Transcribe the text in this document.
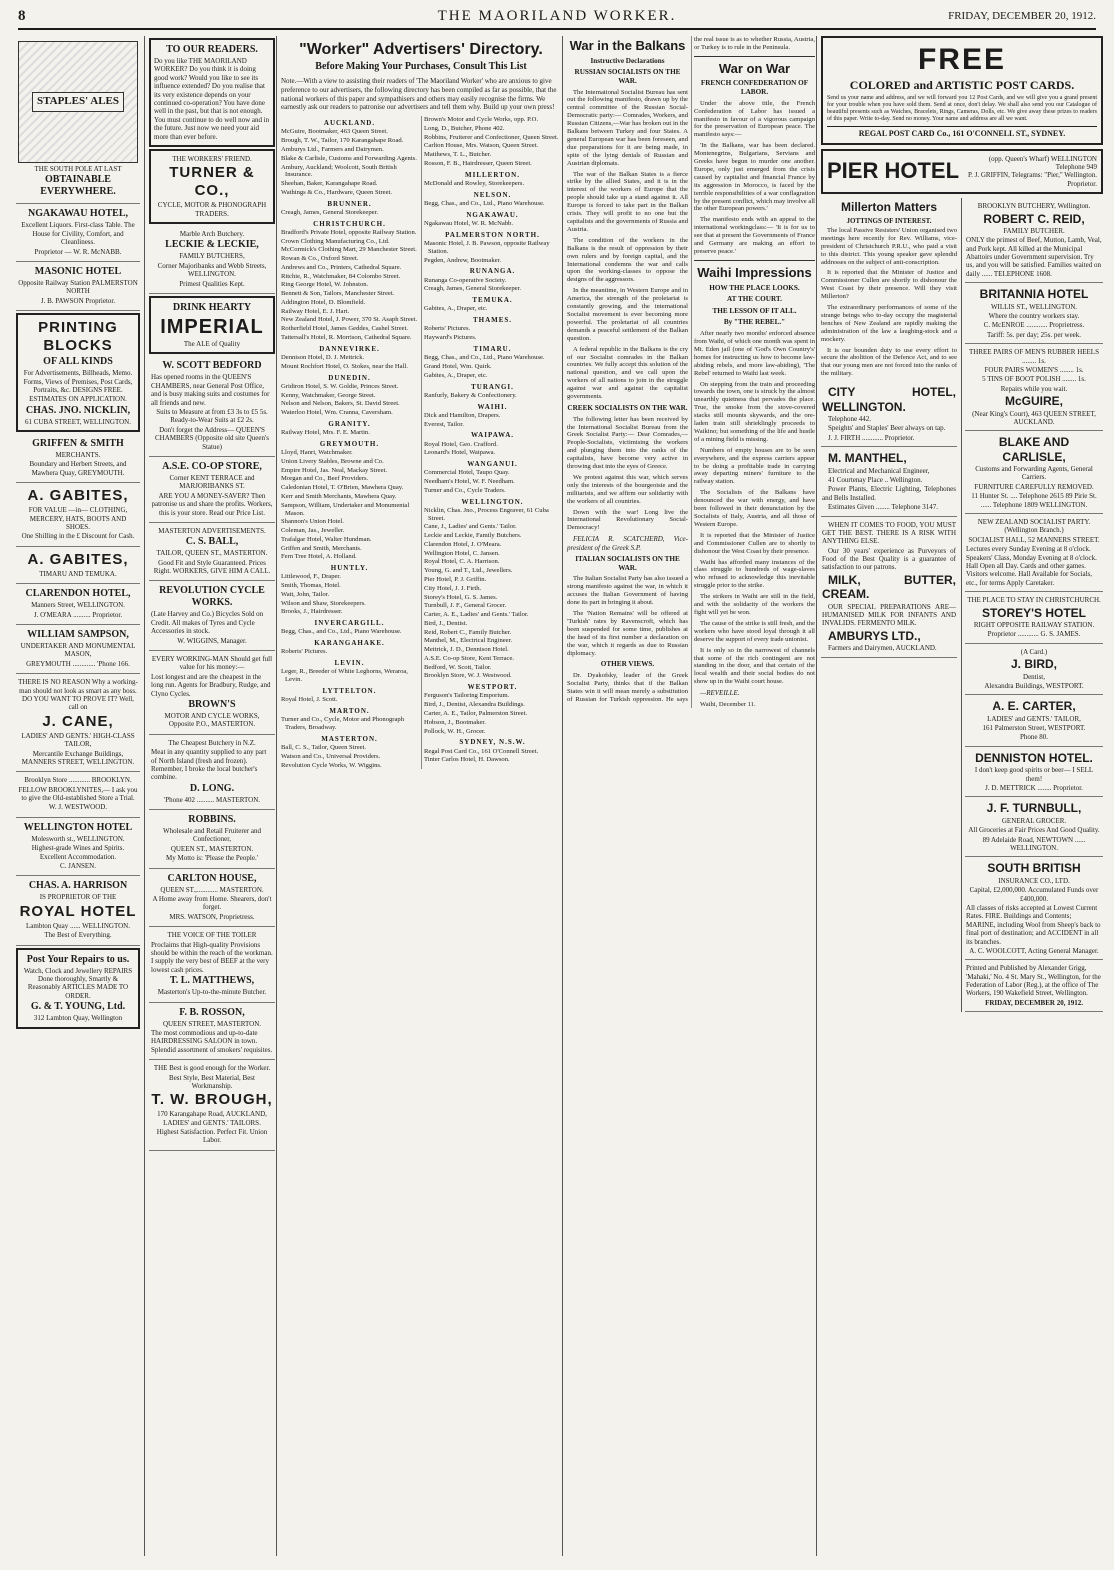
8	THE MAORILAND WORKER.	FRIDAY, DECEMBER 20, 1912.
STAPLES' ALES

THE SOUTH POLE AT LAST

OBTAINABLE EVERYWHERE.

NGAKAWAU HOTEL,

Excellent Liquors. First-class Table. The House for Civility, Comfort, and Cleanliness.

Proprietor — W. R. McNABB.

MASONIC HOTEL

Opposite Railway Station PALMERSTON NORTH

J. B. PAWSON Proprietor.

PRINTING BLOCKS

OF ALL KINDS

For Advertisements, Billheads, Memo. Forms, Views of Premises, Post Cards, Portraits, &c. DESIGNS FREE.

ESTIMATES ON APPLICATION.

CHAS. JNO. NICKLIN,

61 CUBA STREET, WELLINGTON.

GRIFFEN & SMITH

MERCHANTS.

Boundary and Herbert Streets, and Mawhera Quay, GREYMOUTH.

A. GABITES,

FOR VALUE —in— CLOTHING, MERCERY, HATS, BOOTS AND SHOES.

One Shilling in the £ Discount for Cash.

A. GABITES,

TIMARU AND TEMUKA.

CLARENDON HOTEL,

Manners Street, WELLINGTON.

J. O'MEARA .......... Proprietor.

WILLIAM SAMPSON,

UNDERTAKER AND MONUMENTAL MASON,

GREYMOUTH ............. 'Phone 166.

THERE IS NO REASON Why a working-man should not look as smart as any boss. DO YOU WANT TO PROVE IT? Well, call on

J. CANE,

LADIES' AND GENTS.' HIGH-CLASS TAILOR,

Mercantile Exchange Buildings, MANNERS STREET, WELLINGTON.

Brooklyn Store ............ BROOKLYN.

FELLOW BROOKLYNITES,— I ask you to give the Old-established Store a Trial.

W. J. WESTWOOD.

WELLINGTON HOTEL

Molesworth st., WELLINGTON.

Highest-grade Wines and Spirits. Excellent Accommodation.

C. JANSEN.

CHAS. A. HARRISON

IS PROPRIETOR OF THE

ROYAL HOTEL

Lambton Quay ...... WELLINGTON.

The Best of Everything.

Post Your Repairs to us.

Watch, Clock and Jewellery REPAIRS Done thoroughly, Smartly & Reasonably ARTICLES MADE TO ORDER.

G. & T. YOUNG, Ltd.

312 Lambton Quay, Wellington

TO OUR READERS.

Do you like THE MAORILAND WORKER? Do you think it is doing good work? Would you like to see its influence extended? Do you realise that its very existence depends on your continued co-operation? You have done well in the past, but that is not enough. You must continue to do well now and in the future. Just now we need your aid more than ever before.

THE WORKERS' FRIEND.

TURNER & CO.,

CYCLE, MOTOR & PHONOGRAPH TRADERS.

Marble Arch Butchery.

LECKIE & LECKIE,

FAMILY BUTCHERS,

Corner Majoribanks and Webb Streets, WELLINGTON.

Primest Qualities Kept.

DRINK HEARTY

IMPERIAL

The ALE of Quality

W. SCOTT BEDFORD

Has opened rooms in the QUEEN'S CHAMBERS, near General Post Office, and is busy making suits and costumes for all friends and new.

Suits to Measure at from £3 3s to £5 5s. Ready-to-Wear Suits at £2 2s.

Don't forget the Address— QUEEN'S CHAMBERS (Opposite old site Queen's Statue)

A.S.E. CO-OP STORE,

Corner KENT TERRACE and MARJORIBANKS ST.

ARE YOU A MONEY-SAVER? Then patronise us and share the profits. Workers, this is your store. Read our Price List.

MASTERTON ADVERTISEMENTS.

C. S. BALL,

TAILOR, QUEEN ST., MASTERTON.

Good Fit and Style Guaranteed. Prices Right. WORKERS, GIVE HIM A CALL.

REVOLUTION CYCLE WORKS.

(Late Harvey and Co.) Bicycles Sold on Credit. All makes of Tyres and Cycle Accessories in stock.

W. WIGGINS, Manager.

EVERY WORKING-MAN Should get full value for his money:—

Lost longest and are the cheapest in the long run. Agents for Bradbury, Rudge, and Clyno Cycles.

BROWN'S

MOTOR AND CYCLE WORKS, Opposite P.O., MASTERTON.

The Cheapest Butchery in N.Z.

Meat in any quantity supplied to any part of North Island (fresh and frozen). Remember, I broke the local butcher's combine.

D. LONG.

'Phone 402 .......... MASTERTON.

ROBBINS.

Wholesale and Retail Fruiterer and Confectioner,

QUEEN ST., MASTERTON.

My Motto is: 'Please the People.'

CARLTON HOUSE,

QUEEN ST.,............ MASTERTON.

A Home away from Home. Shearers, don't forget.

MRS. WATSON, Proprietress.

THE VOICE OF THE TOILER

Proclaims that High-quality Provisions should be within the reach of the workman. I supply the very best of BEEF at the very lowest cash prices.

T. L. MATTHEWS,

Masterton's Up-to-the-minute Butcher.

F. B. ROSSON,

QUEEN STREET, MASTERTON.

The most commodious and up-to-date HAIRDRESSING SALOON in town. Splendid assortment of smokers' requisites.

THE Best is good enough for the Worker.

Best Style, Best Material, Best Workmanship.

T. W. BROUGH,

170 Karangahape Road, AUCKLAND, LADIES' and GENTS.' TAILORS.

Highest Satisfaction. Perfect Fit. Union Labor.

"Worker" Advertisers' Directory.
Before Making Your Purchases, Consult This List

Note.—With a view to assisting their readers of 'The Maoriland Worker' who are anxious to give preference to our advertisers, the following directory has been compiled as far as possible, that the national workers of this paper and sympathisers and others may easily recognise the firms. We earnestly ask our readers to patronise our advertisers and tell them why. Build up your own press!

AUCKLAND.

McGuire, Bootmaker, 463 Queen Street.

Brough, T. W., Tailor, 170 Karangahape Road.

Amburys Ltd., Farmers and Dairymen.

Blake & Carlisle, Customs and Forwarding Agents.

Ambury, Auckland; Woolcott, South British Insurance.

Sheehan, Baker, Karangahape Road.

Wathings & Co., Hardware, Queen Street.

BRUNNER.

Creagh, James, General Storekeeper.

CHRISTCHURCH.

Bradford's Private Hotel, opposite Railway Station.

Crown Clothing Manufacturing Co., Ltd.

McCormick's Clothing Mart, 29 Manchester Street.

Rowan & Co., Oxford Street.

Andrews and Co., Printers, Cathedral Square.

Ritchie, R., Watchmaker, 84 Colombo Street.

Ring George Hotel, W. Johnston.

Bennett & Son, Tailors, Manchester Street.

Addington Hotel, D. Blomfield.

Railway Hotel, E. J. Hart.

New Zealand Hotel, J. Power, 370 St. Asaph Street.

Rotherfield Hotel, James Geddes, Cashel Street.

Tattersall's Hotel, R. Morrison, Cathedral Square.

DANNEVIRKE.

Dennison Hotel, D. J. Mettrick.

Mount Rochfort Hotel, O. Stokes, near the Hall.

DUNEDIN.

Gridiron Hotel, S. W. Goldie, Princes Street.

Kenny, Watchmaker, George Street.

Nelson and Nelson, Bakers, St. David Street.

Waterloo Hotel, Wm. Cranna, Caversham.

GRANITY.

Railway Hotel, Mrs. F. E. Martin.

GREYMOUTH.

Lloyd, Hanri, Watchmaker.

Union Livery Stables, Browne and Co.

Empire Hotel, Jas. Neal, Mackay Street.

Morgan and Co., Beef Providers.

Caledonian Hotel, T. O'Brien, Mawhera Quay.

Kerr and Smith Merchants, Mawhera Quay.

Sampson, William, Undertaker and Monumental Mason.

Shannon's Union Hotel.

Coleman, Jas., Jeweller.

Trafalgar Hotel, Walter Hundman.

Griffen and Smith, Merchants.

Fern Tree Hotel, A. Holland.

HUNTLY.

Littlewood, F., Draper.

Smith, Thomas, Hotel.

Watt, John, Tailor.

Wilson and Shaw, Storekeepers.

Brooks, J., Hairdresser.

INVERCARGILL.

Begg, Chas., and Co., Ltd., Piano Warehouse.

KARANGAHAKE.

Roberts' Pictures.

LEVIN.

Leger, R., Breeder of White Leghorns, Weraroa, Levin.

LYTTELTON.

Royal Hotel, J. Scott.

MARTON.

Turner and Co., Cycle, Motor and Phonograph Traders, Broadway.

MASTERTON.

Ball, C. S., Tailor, Queen Street.

Watson and Co., Universal Providers.

Revolution Cycle Works, W. Wiggins.

Brown's Motor and Cycle Works, opp. P.O.

Long, D., Butcher, Phone 402.

Robbins, Fruiterer and Confectioner, Queen Street.

Carlton House, Mrs. Watson, Queen Street.

Matthews, T. L., Butcher.

Rosson, F. B., Hairdresser, Queen Street.

MILLERTON.

McDonald and Rowley, Storekeepers.

NELSON.

Begg, Chas., and Co., Ltd., Piano Warehouse.

NGAKAWAU.

Ngakawau Hotel, W. R. McNabb.

PALMERSTON NORTH.

Masonic Hotel, J. B. Pawson, opposite Railway Station.

Pegden, Andrew, Bootmaker.

RUNANGA.

Runanga Co-operative Society.

Creagh, James, General Storekeeper.

TEMUKA.

Gabites, A., Draper, etc.

THAMES.

Roberts' Pictures.

Hayward's Pictures.

TIMARU.

Begg, Chas., and Co., Ltd., Piano Warehouse.

Grand Hotel, Wm. Quirk.

Gabites, A., Draper, etc.

TURANGI.

Ranfurly, Bakery & Confectionery.

WAIHI.

Dick and Hamilton, Drapers.

Everest, Tailor.

WAIPAWA.

Royal Hotel, Geo. Crafford.

Leonard's Hotel, Waipawa.

WANGANUI.

Commercial Hotel, Taupo Quay.

Needham's Hotel, W. F. Needham.

Turner and Co., Cycle Traders.

WELLINGTON.

Nicklin, Chas. Jno., Process Engraver, 61 Cuba Street.

Cane, J., Ladies' and Gents.' Tailor.

Leckie and Leckie, Family Butchers.

Clarendon Hotel, J. O'Meara.

Wellington Hotel, C. Jansen.

Royal Hotel, C. A. Harrison.

Young, G. and T., Ltd., Jewellers.

Pier Hotel, P. J. Griffin.

City Hotel, J. J. Firth.

Storey's Hotel, G. S. James.

Turnbull, J. F., General Grocer.

Carter, A. E., Ladies' and Gents.' Tailor.

Bird, J., Dentist.

Reid, Robert C., Family Butcher.

Manthel, M., Electrical Engineer.

Mettrick, J. D., Dennison Hotel.

A.S.E. Co-op Store, Kent Terrace.

Bedford, W. Scott, Tailor.

Brooklyn Store, W. J. Westwood.

WESTPORT.

Ferguson's Tailoring Emporium.

Bird, J., Dentist, Alexandra Buildings.

Carter, A. E., Tailor, Palmerston Street.

Hobson, J., Bootmaker.

Pollock, W. H., Grocer.

SYDNEY, N.S.W.

Regal Post Card Co., 161 O'Connell Street.

Tinter Carlos Hotel, H. Dawson.

War in the Balkans
Instructive Declarations
RUSSIAN SOCIALISTS ON THE WAR.

The International Socialist Bureau has sent out the following manifesto, drawn up by the central committee of the Russian Social-Democratic party:— Comrades, Workers, and Russian Citizens,—War has broken out in the Balkans between Turkey and four States. A general European war has been foreseen, and due preparations for it are being made, in spite of the lying denials of Russian and Austrian diplomats.

The war of the Balkan States is a fierce strike by the allied States, and it is in the interest of the workers of Europe that the people should take up a stand against it. All Europe is forced to take part in the Balkan crisis. They will profit to no one but the capitalists and the governments of Russia and Austria.

The condition of the workers in the Balkans is the result of oppression by their own rulers and by foreign capital, and the International condemns the war and calls upon the working-classes to oppose the designs of the aggressors.

In the meantime, in Western Europe and in America, the strength of the proletariat is constantly growing, and the international Socialist movement is ever becoming more powerful. The proletariat of all countries demands a peaceful settlement of the Balkan question.

A federal republic in the Balkans is the cry of our Socialist comrades in the Balkan countries. We fully accept this solution of the national question, and we call upon the workers of all nations to join in the struggle against war and against the capitalist governments.

CREEK SOCIALISTS ON THE WAR.

The following letter has been received by the International Socialist Bureau from the Greek Socialist Party:— Dear Comrades,—People-Socialists, victimising the workers and plunging them into the ranks of the capitalists, have become very active in throwing dust into the eyes of Greece.

We protest against this war, which serves only the interests of the bourgeoisie and the militarists, and we affirm our solidarity with the workers of all countries.

Down with the war! Long live the International Revolutionary Social-Democracy!

FELICIA R. SCATCHERD, Vice-president of the Greek S.P.

ITALIAN SOCIALISTS ON THE WAR.

The Italian Socialist Party has also issued a strong manifesto against the war, in which it accuses the Italian Government of having done its part in bringing it about.

The 'Nation Remains' will be offered at 'Turkish' rates by Ravenscroft, which has been suspended for some time, publishes at the head of its first number a declaration on the war, which it regards as due to Russian diplomacy.

OTHER VIEWS.

Dr. Dyakofsky, leader of the Greek Socialist Party, thinks that if the Balkan States win it will mean merely a substitution of Russian for Turkish oppression. He says the real issue is as to whether Russia, Austria, or Turkey is to rule in the Peninsula.

War on War
FRENCH CONFEDERATION OF LABOR.

Under the above title, the French Confederation of Labor has issued a manifesto in favour of a vigorous campaign for the preservation of European peace. The manifesto says:—

'In the Balkans, war has been declared. Montenegrins, Bulgarians, Servians and Greeks have begun to murder one another. Europe, only just emerged from the crisis caused by capitalist and financial France by its aggression in Morocco, is faced by the terrible responsibilities of a war conflagration by the present conflict, which may involve all the other European powers.'

The manifesto ends with an appeal to the international workingclass:— 'It is for us to see that at present the Governments of France and Germany are making an effort to preserve peace.'

Waihi Impressions
HOW THE PLACE LOOKS.
AT THE COURT.
THE LESSON OF IT ALL.
By "THE REBEL."

After nearly two months' enforced absence from Waihi, of which one month was spent in Mt. Eden jail (one of 'God's Own Country's' homes for instructing us how to become law-abiding rebels, and more law-abiding), 'The Rebel' returned to Waihi last week.

On stepping from the train and proceeding towards the town, one is struck by the almost unearthly quietness that pervades the place. True, the smoke from the stove-covered stacks still mounts skywards, and the ore-laden train still shrieklingly proceeds to Waikino; but something of the life and hustle of a mining field is missing.

Numbers of empty houses are to be seen everywhere, and the express carriers appear to be doing a profitable trade in carrying away departing miners' furniture to the railway station.

The Socialists of the Balkans have denounced the war with energy, and have been followed in their denunciation by the Socialists of Italy, Austria, and all those of Western Europe.

It is reported that the Minister of Justice and Commissioner Cullen are to shortly to dishonour the West Coast by their presence.

Waihi has afforded many instances of the class struggle to hundreds of wage-slaves who refused to acknowledge this inevitable struggle prior to the strike.

The strikers in Waihi are still in the field, and with the solidarity of the workers the fight will yet be won.

The cause of the strike is still fresh, and the workers who have stood loyal through it all deserve the support of every trade unionist.

It is only so in the narrowest of channels that some of the rich contingent are not standing in the door, and that certain of the local wealth and their social bodies do not show up in the Waihi court house.

—REVEILLE.

Waihi, December 11.

FREE
COLORED and ARTISTIC POST CARDS.

Send us your name and address, and we will forward you 12 Post Cards, and we will give you a grand present for your trouble when you have sold them. Send at once, don't delay. We shall also send you our Catalogue of beautiful presents such as Watches, Bracelets, Rings, Cameras, Dolls, etc. We give away these prizes to readers of this paper. Write to-day. Send no money. Your name and address are all we want.

REGAL POST CARD Co., 161 O'CONNELL ST., SYDNEY.
PIER HOTEL	(opp. Queen's Wharf) WELLINGTON
Telephone 949
P. J. GRIFFIN, Telegrams: "Pier," Wellington. Proprietor.
Millerton Matters
JOTTINGS OF INTEREST.

The local Passive Resisters' Union organised two meetings here recently for Rev. Williams, vice-president of Christchurch P.R.U., who paid a visit to this district. This young speaker gave splendid addresses on the subject of anti-conscription.

It is reported that the Minister of Justice and Commissioner Cullen are shortly to dishonour the West Coast by their presence. Will they visit Millerton?

The extraordinary performances of some of the strange beings who to-day occupy the magisterial benches of New Zealand are rapidly making the administration of the law a laughing-stock and a mockery.

It is our bounden duty to use every effort to secure the abolition of the Defence Act, and to see that our young men are not forced into the ranks of the military.

CITY HOTEL, WELLINGTON.

Telephone 442.

Speights' and Staples' Beer always on tap.

J. J. FIRTH ............ Proprietor.

M. MANTHEL,

Electrical and Mechanical Engineer,

41 Courtenay Place .. Wellington.

Power Plants, Electric Lighting, Telephones and Bells Installed.

Estimates Given ........ Telephone 3147.

WHEN IT COMES TO FOOD, YOU MUST GET THE BEST. THERE IS A RISK WITH ANYTHING ELSE.

Our 30 years' experience as Purveyors of Food of the Best Quality is a guarantee of satisfaction to our patrons.

MILK, BUTTER, CREAM.

OUR SPECIAL PREPARATIONS ARE— HUMANISED MILK FOR INFANTS AND INVALIDS. FERMENTO MILK.

AMBURYS LTD.,

Farmers and Dairymen, AUCKLAND.

BROOKLYN BUTCHERY, Wellington.

ROBERT C. REID,

FAMILY BUTCHER.

ONLY the primest of Beef, Mutton, Lamb, Veal, and Pork kept. All killed at the Municipal Abattoirs under Government supervision. Try us, and you will be satisfied. Families waited on daily ...... TELEPHONE 1608.

BRITANNIA HOTEL

WILLIS ST., WELLINGTON.

Where the country workers stay.

C. McENROE ............ Proprietress.

Tariff: 5s. per day; 25s. per week.

THREE PAIRS OF MEN'S RUBBER HEELS ........ 1s.

FOUR PAIRS WOMEN'S ........ 1s.

5 TINS OF BOOT POLISH ........ 1s.

Repairs while you wait.

McGUIRE,

(Near King's Court), 463 QUEEN STREET, AUCKLAND.

BLAKE AND CARLISLE,

Customs and Forwarding Agents, General Carriers.

FURNITURE CAREFULLY REMOVED.

11 Hunter St. .... Telephone 2615 89 Pirie St. ...... Telephone 1809 WELLINGTON.

NEW ZEALAND SOCIALIST PARTY. (Wellington Branch.)

SOCIALIST HALL, 52 MANNERS STREET.

Lectures every Sunday Evening at 8 o'clock. Speakers' Class, Monday Evening at 8 o'clock. Hall Open all Day. Cards and other games. Visitors welcome. Hall Available for Socials, etc., for terms Apply Caretaker.

THE PLACE TO STAY IN CHRISTCHURCH.

STOREY'S HOTEL

RIGHT OPPOSITE RAILWAY STATION.

Proprietor ............ G. S. JAMES.

(A Card.)

J. BIRD,

Dentist,

Alexandra Buildings, WESTPORT.

A. E. CARTER,

LADIES' and GENTS.' TAILOR,

161 Palmerston Street, WESTPORT.

Phone 80.

DENNISTON HOTEL.

I don't keep good spirits or beer— I SELL them!

J. D. METTRICK ........ Proprietor.

J. F. TURNBULL,

GENERAL GROCER.

All Groceries at Fair Prices And Good Quality.

89 Adelaide Road, NEWTOWN ...... WELLINGTON.

SOUTH BRITISH

INSURANCE CO., LTD.

Capital, £2,000,000. Accumulated Funds over £400,000.

All classes of risks accepted at Lowest Current Rates. FIRE. Buildings and Contents; MARINE, including Wool from Sheep's back to final port of destination; and ACCIDENT in all its branches.

A. C. WOOLCOTT, Acting General Manager.

Printed and Published by Alexander Grigg, 'Mahaki,' No. 4 St. Mary St., Wellington, for the Federation of Labor (Reg.), at the office of The Workers, 190 Wakefield Street, Wellington.

FRIDAY, DECEMBER 20, 1912.
